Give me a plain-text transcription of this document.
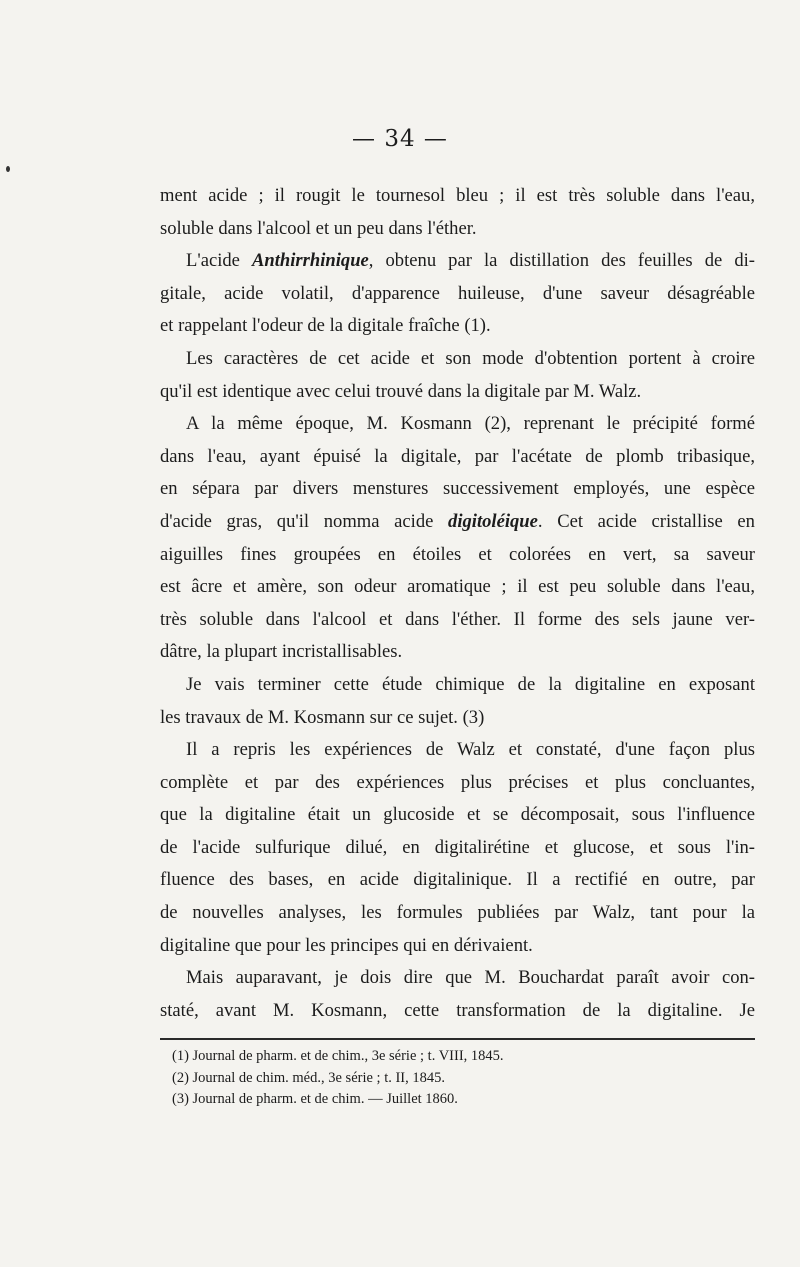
— 34 —

ment acide ; il rougit le tournesol bleu ; il est très soluble dans l'eau,
soluble dans l'alcool et un peu dans l'éther.

L'acide Anthirrhinique, obtenu par la distillation des feuilles de di-
gitale, acide volatil, d'apparence huileuse, d'une saveur désagréable
et rappelant l'odeur de la digitale fraîche (1).

Les caractères de cet acide et son mode d'obtention portent à croire
qu'il est identique avec celui trouvé dans la digitale par M. Walz.

A la même époque, M. Kosmann (2), reprenant le précipité formé
dans l'eau, ayant épuisé la digitale, par l'acétate de plomb tribasique,
en sépara par divers menstures successivement employés, une espèce
d'acide gras, qu'il nomma acide digitoléique. Cet acide cristallise en
aiguilles fines groupées en étoiles et colorées en vert, sa saveur
est âcre et amère, son odeur aromatique ; il est peu soluble dans l'eau,
très soluble dans l'alcool et dans l'éther. Il forme des sels jaune ver-
dâtre, la plupart incristallisables.

Je vais terminer cette étude chimique de la digitaline en exposant
les travaux de M. Kosmann sur ce sujet. (3)

Il a repris les expériences de Walz et constaté, d'une façon plus
complète et par des expériences plus précises et plus concluantes,
que la digitaline était un glucoside et se décomposait, sous l'influence
de l'acide sulfurique dilué, en digitalirétine et glucose, et sous l'in-
fluence des bases, en acide digitalinique. Il a rectifié en outre, par
de nouvelles analyses, les formules publiées par Walz, tant pour la
digitaline que pour les principes qui en dérivaient.

Mais auparavant, je dois dire que M. Bouchardat paraît avoir con-
staté, avant M. Kosmann, cette transformation de la digitaline. Je

(1) Journal de pharm. et de chim., 3e série ; t. VIII, 1845.
(2) Journal de chim. méd., 3e série ; t. II, 1845.
(3) Journal de pharm. et de chim. — Juillet 1860.
